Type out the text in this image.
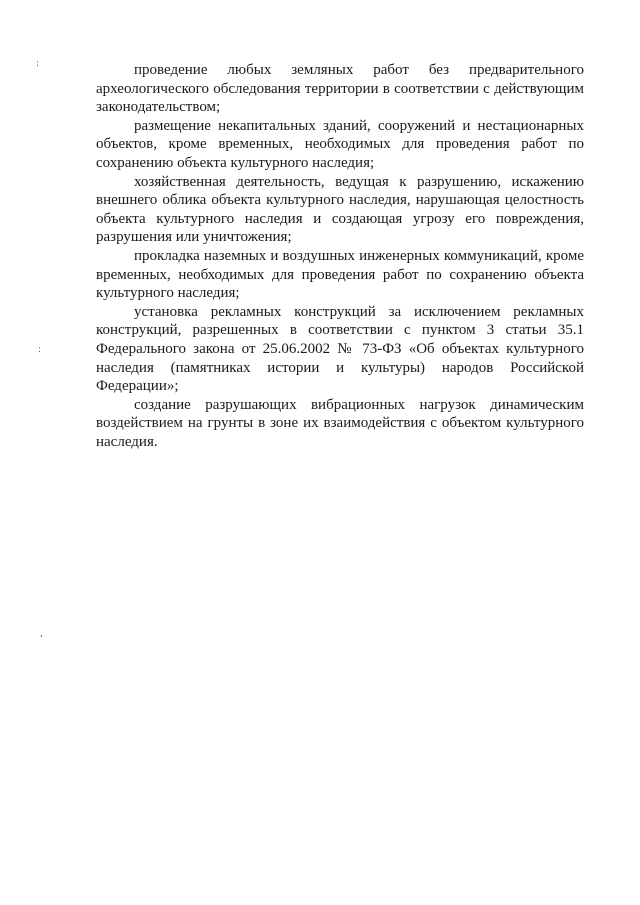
:
:
,

проведение любых земляных работ без предварительного археологического обследования территории в соответствии с действующим законодательством;

размещение некапитальных зданий, сооружений и нестационарных объектов, кроме временных, необходимых для проведения работ по сохранению объекта культурного наследия;

хозяйственная деятельность, ведущая к разрушению, искажению внешнего облика объекта культурного наследия, нарушающая целостность объекта культурного наследия и создающая угрозу его повреждения, разрушения или уничтожения;

прокладка наземных и воздушных инженерных коммуникаций, кроме временных, необходимых для проведения работ по сохранению объекта культурного наследия;

установка рекламных конструкций за исключением рекламных конструкций, разрешенных в соответствии с пунктом 3 статьи 35.1 Федерального закона от 25.06.2002 № 73-ФЗ «Об объектах культурного наследия (памятниках истории и культуры) народов Российской Федерации»;

создание разрушающих вибрационных нагрузок динамическим воздействием на грунты в зоне их взаимодействия с объектом культурного наследия.
